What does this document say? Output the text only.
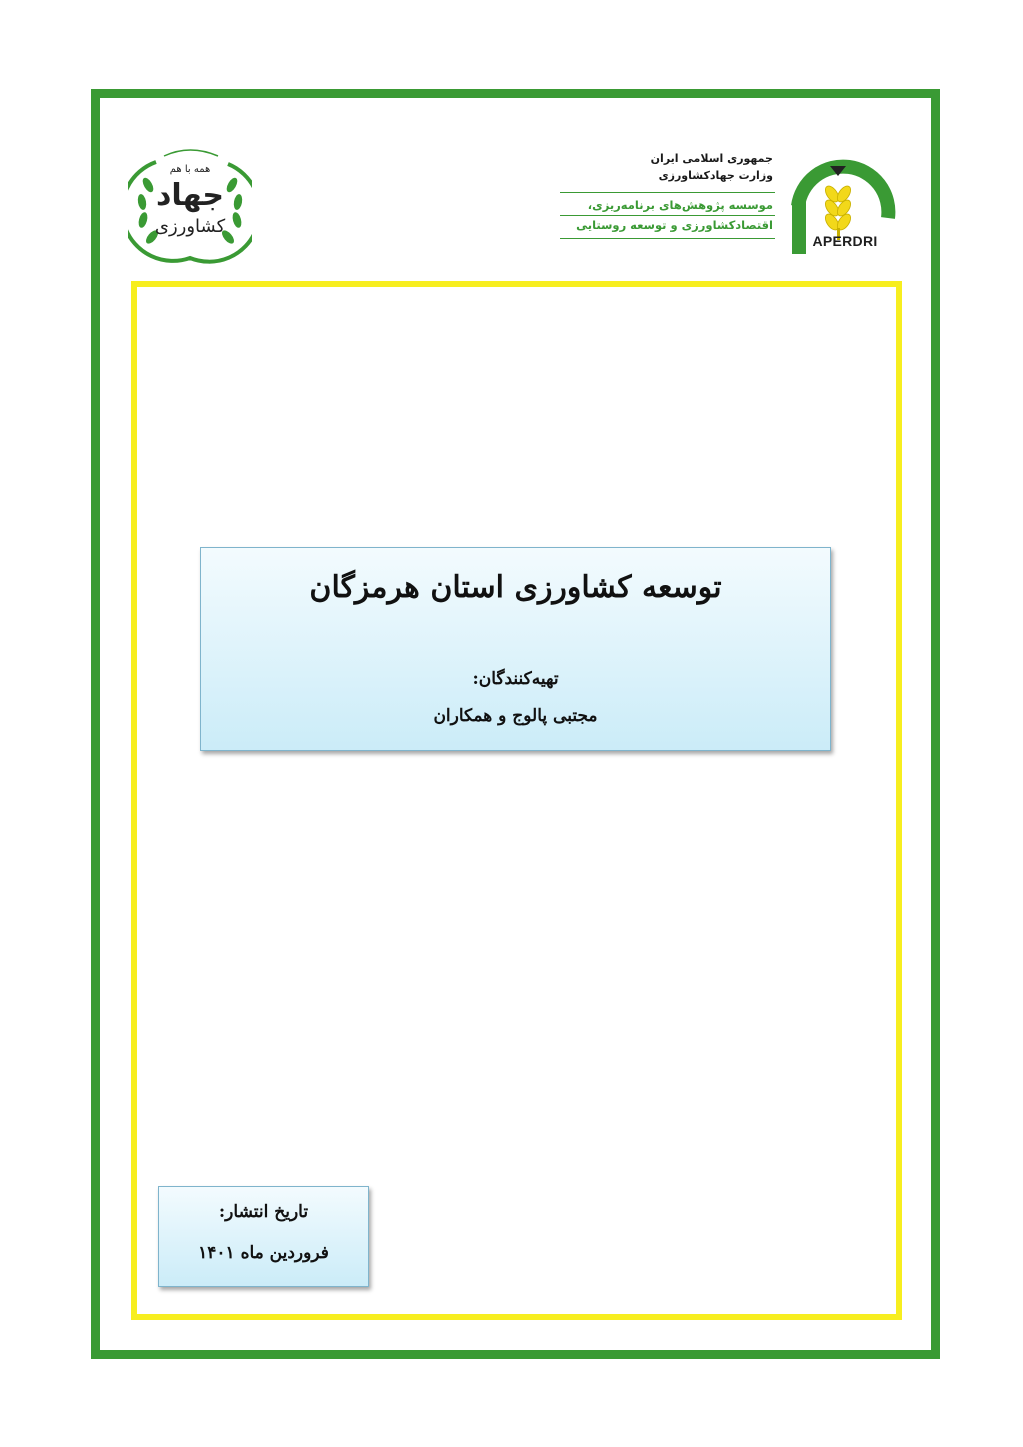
همه با هم
جهاد
کشاورزی
جمهوری اسلامی ایران
وزارت جهادکشاورزی
موسسه پژوهش‌های برنامه‌ریزی،
اقتصادکشاورزی و توسعه روستایی
APERDRI
توسعه کشاورزی استان هرمزگان
تهیه‌کنندگان:
مجتبی پالوج و همکاران
تاریخ انتشار:
فروردین ماه ۱۴۰۱
